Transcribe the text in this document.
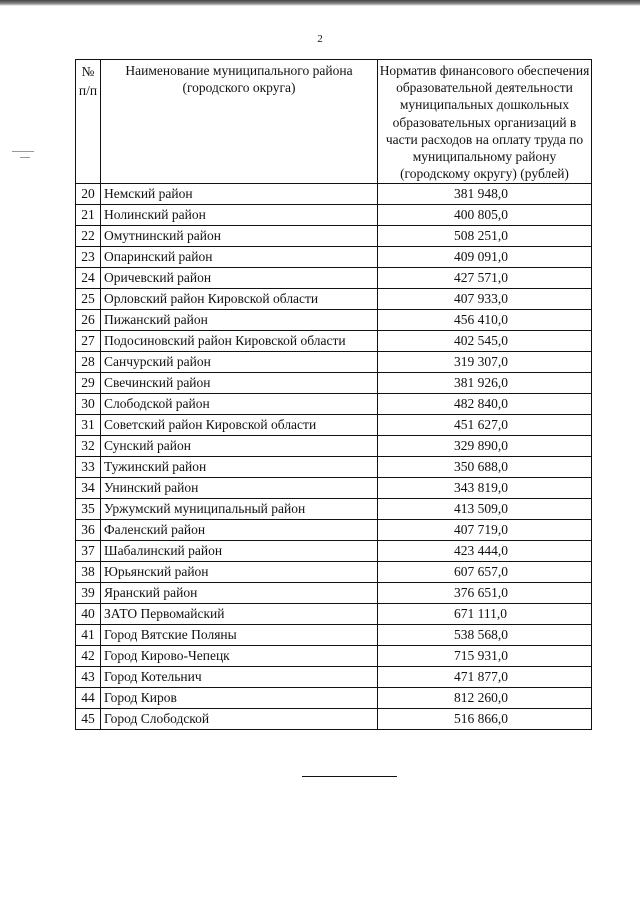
2
№ п/п	Наименование муниципального района (городского округа)	Норматив финансового обеспечения образовательной деятельности муниципальных дошкольных образовательных организаций в части расходов на оплату труда по муниципальному району (городскому округу) (рублей)
20	Немский район	381 948,0
21	Нолинский район	400 805,0
22	Омутнинский район	508 251,0
23	Опаринский район	409 091,0
24	Оричевский район	427 571,0
25	Орловский район Кировской области	407 933,0
26	Пижанский район	456 410,0
27	Подосиновский район Кировской области	402 545,0
28	Санчурский район	319 307,0
29	Свечинский район	381 926,0
30	Слободской район	482 840,0
31	Советский район Кировской области	451 627,0
32	Сунский район	329 890,0
33	Тужинский район	350 688,0
34	Унинский район	343 819,0
35	Уржумский муниципальный район	413 509,0
36	Фаленский район	407 719,0
37	Шабалинский район	423 444,0
38	Юрьянский район	607 657,0
39	Яранский район	376 651,0
40	ЗАТО Первомайский	671 111,0
41	Город Вятские Поляны	538 568,0
42	Город Кирово-Чепецк	715 931,0
43	Город Котельнич	471 877,0
44	Город Киров	812 260,0
45	Город Слободской	516 866,0
